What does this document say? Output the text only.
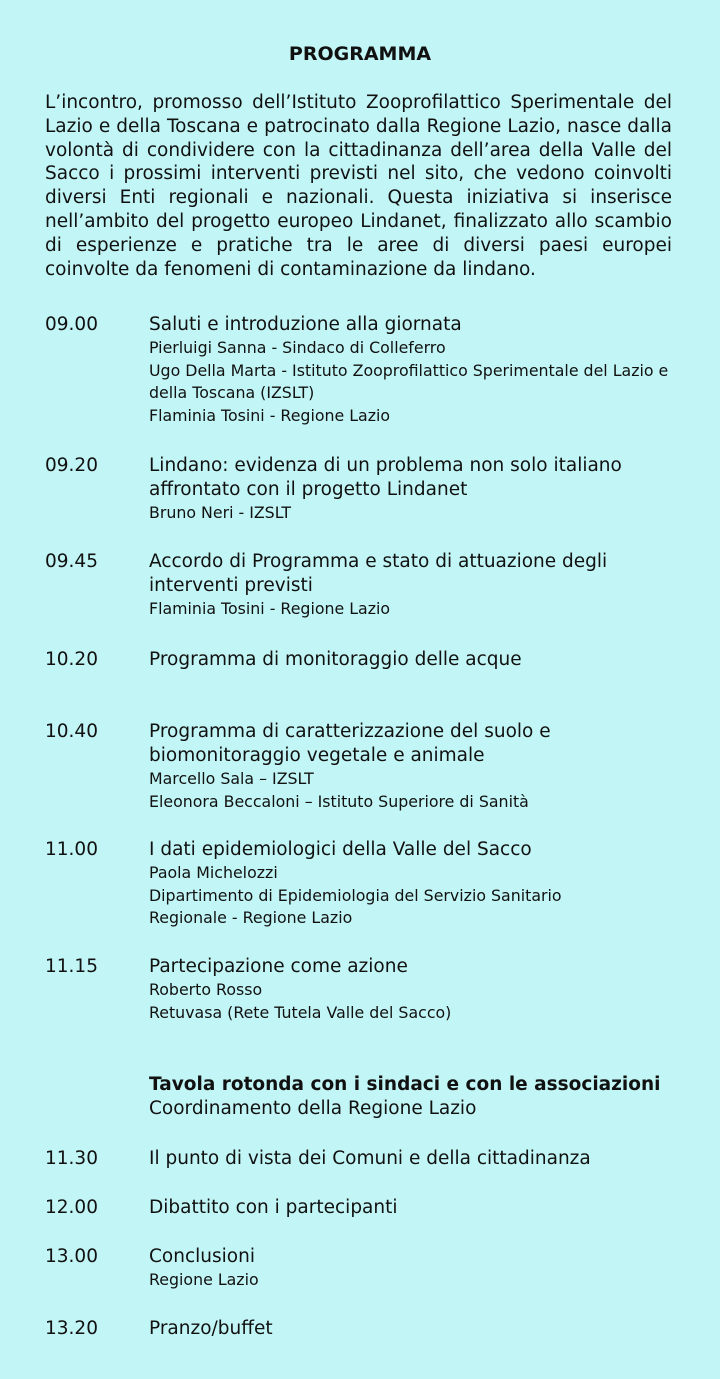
PROGRAMMA
L’incontro, promosso dell’Istituto Zooprofilattico Sperimentale del Lazio e della Toscana e patrocinato dalla Regione Lazio, nasce dalla volontà di condividere con la cittadinanza dell’area della Valle del Sacco i prossimi interventi previsti nel sito, che vedono coinvolti diversi Enti regionali e nazionali. Questa iniziativa si inserisce nell’ambito del progetto europeo Lindanet, finalizzato allo scambio di esperienze e pratiche tra le aree di diversi paesi europei coinvolte da fenomeni di contaminazione da lindano.
09.00	Saluti e introduzione alla giornata
Pierluigi Sanna - Sindaco di Colleferro
Ugo Della Marta - Istituto Zooprofilattico Sperimentale del Lazio e della Toscana (IZSLT)
Flaminia Tosini - Regione Lazio
09.20	Lindano: evidenza di un problema non solo italiano affrontato con il progetto Lindanet
Bruno Neri - IZSLT
09.45	Accordo di Programma e stato di attuazione degli interventi previsti
Flaminia Tosini - Regione Lazio
10.20	Programma di monitoraggio delle acque
10.40	Programma di caratterizzazione del suolo e biomonitoraggio vegetale e animale
Marcello Sala – IZSLT
Eleonora Beccaloni – Istituto Superiore di Sanità
11.00	I dati epidemiologici della Valle del Sacco
Paola Michelozzi
Dipartimento di Epidemiologia del Servizio Sanitario Regionale - Regione Lazio
11.15	Partecipazione come azione
Roberto Rosso
Retuvasa (Rete Tutela Valle del Sacco)
Tavola rotonda con i sindaci e con le associazioni
Coordinamento della Regione Lazio
11.30	Il punto di vista dei Comuni e della cittadinanza
12.00	Dibattito con i partecipanti
13.00	Conclusioni
Regione Lazio
13.20	Pranzo/buffet
